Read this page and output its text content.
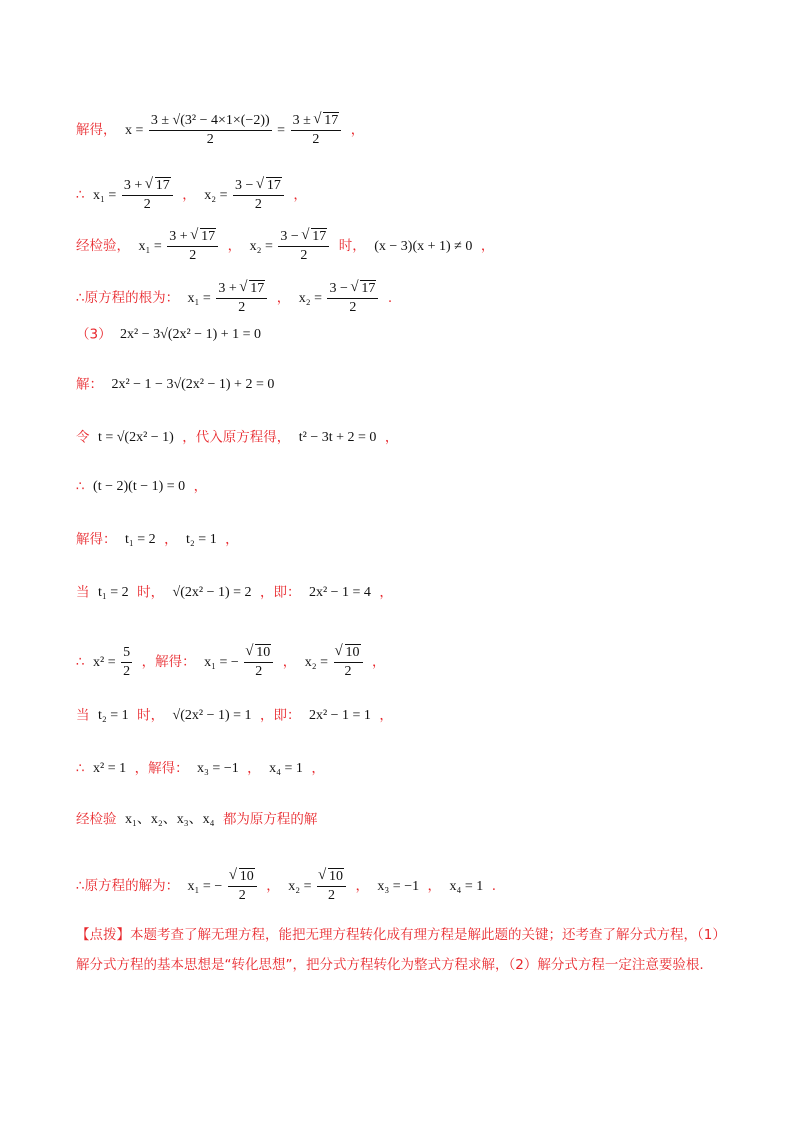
解得， $x = \frac{\text{3 ± √(3² − 4×1×(−2))}}{2} = \frac{3 \pm √ 17}{2}$ ，
∴ $x_1 = \frac{3 + √ 17}{2}$ ， $x_2 = \frac{3 - √ 17}{2}$ ，
经检验， $x_1 = \frac{3 + √ 17}{2}$ ， $x_2 = \frac{3 - √ 17}{2}$ 时， (x − 3)(x + 1) ≠ 0 ，
∴原方程的根为： $x_1 = \frac{3 + √ 17}{2}$ ， $x_2 = \frac{3 - √ 17}{2}$ .
（3） 2x² − 3√(2x² − 1) + 1 = 0
解： 2x² − 1 − 3√(2x² − 1) + 2 = 0
令 t = √(2x² − 1) ，代入原方程得， t² − 3t + 2 = 0 ，
∴ (t − 2)(t − 1) = 0 ，
解得： t₁ = 2 ， t₂ = 1 ，
当 t₁ = 2 时， √(2x² − 1) = 2 ，即： 2x² − 1 = 4 ，
∴ $x^2 = \frac{5}{2}$ ，解得： x₁ = − √ $\frac{10}{2}$ ， x₂ = √ $\frac{10}{2}$ ，
当 t₂ = 1 时， √(2x² − 1) = 1 ，即： 2x² − 1 = 1 ，
∴ x² = 1 ，解得： x₃ = −1 ， x₄ = 1 ，
经检验 x₁、x₂、x₃、x₄ 都为原方程的解
∴原方程的解为： x₁ = − √ $\frac{10}{2}$ ， x₂ = √ $\frac{10}{2}$ ， x₃ = −1 ， x₄ = 1 .
【点拨】本题考查了解无理方程，能把无理方程转化成有理方程是解此题的关键；还考查了解分式方程，（1）解分式方程的基本思想是“转化思想”，把分式方程转化为整式方程求解，（2）解分式方程一定注意要验根.
